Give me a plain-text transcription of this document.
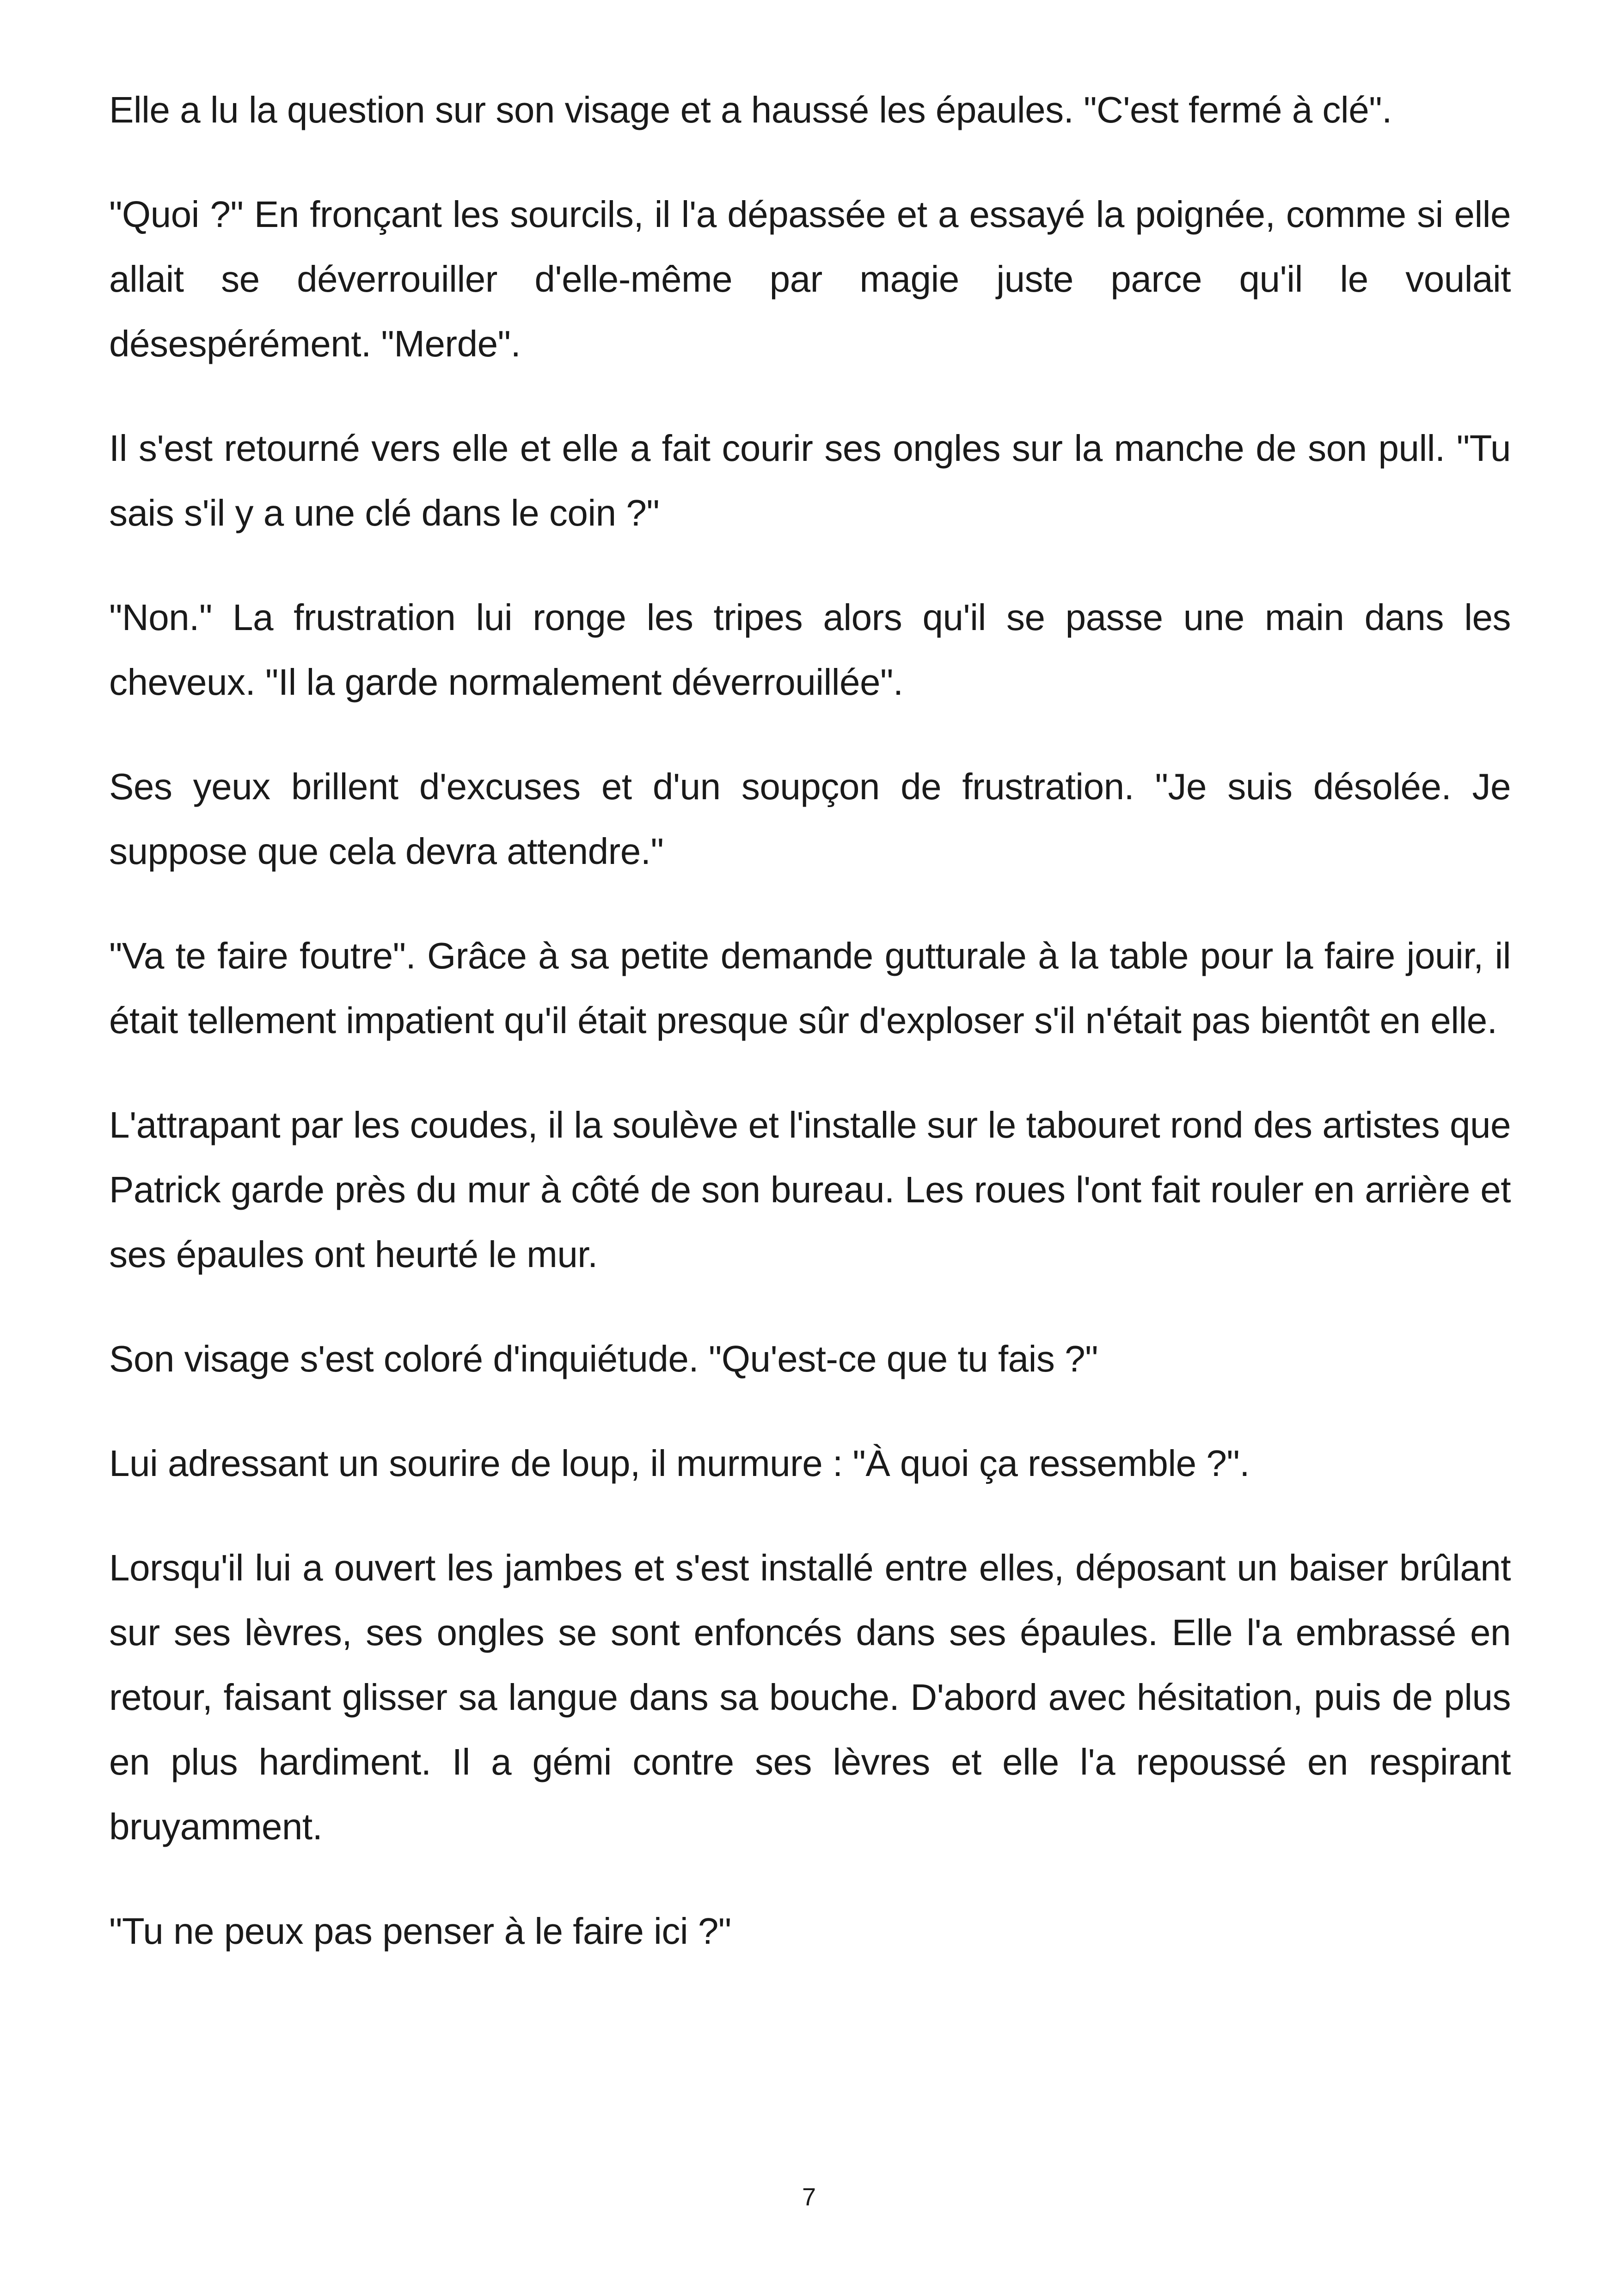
Elle a lu la question sur son visage et a haussé les épaules. "C'est fermé à clé".

"Quoi ?" En fronçant les sourcils, il l'a dépassée et a essayé la poignée, comme si elle allait se déverrouiller d'elle-même par magie juste parce qu'il le voulait désespérément. "Merde".

Il s'est retourné vers elle et elle a fait courir ses ongles sur la manche de son pull. "Tu sais s'il y a une clé dans le coin ?"

"Non." La frustration lui ronge les tripes alors qu'il se passe une main dans les cheveux. "Il la garde normalement déverrouillée".

Ses yeux brillent d'excuses et d'un soupçon de frustration. "Je suis désolée. Je suppose que cela devra attendre."

"Va te faire foutre". Grâce à sa petite demande gutturale à la table pour la faire jouir, il était tellement impatient qu'il était presque sûr d'exploser s'il n'était pas bientôt en elle.

L'attrapant par les coudes, il la soulève et l'installe sur le tabouret rond des artistes que Patrick garde près du mur à côté de son bureau. Les roues l'ont fait rouler en arrière et ses épaules ont heurté le mur.

Son visage s'est coloré d'inquiétude. "Qu'est-ce que tu fais ?"

Lui adressant un sourire de loup, il murmure : "À quoi ça ressemble ?".

Lorsqu'il lui a ouvert les jambes et s'est installé entre elles, déposant un baiser brûlant sur ses lèvres, ses ongles se sont enfoncés dans ses épaules. Elle l'a embrassé en retour, faisant glisser sa langue dans sa bouche. D'abord avec hésitation, puis de plus en plus hardiment. Il a gémi contre ses lèvres et elle l'a repoussé en respirant bruyamment.

"Tu ne peux pas penser à le faire ici ?"

7
